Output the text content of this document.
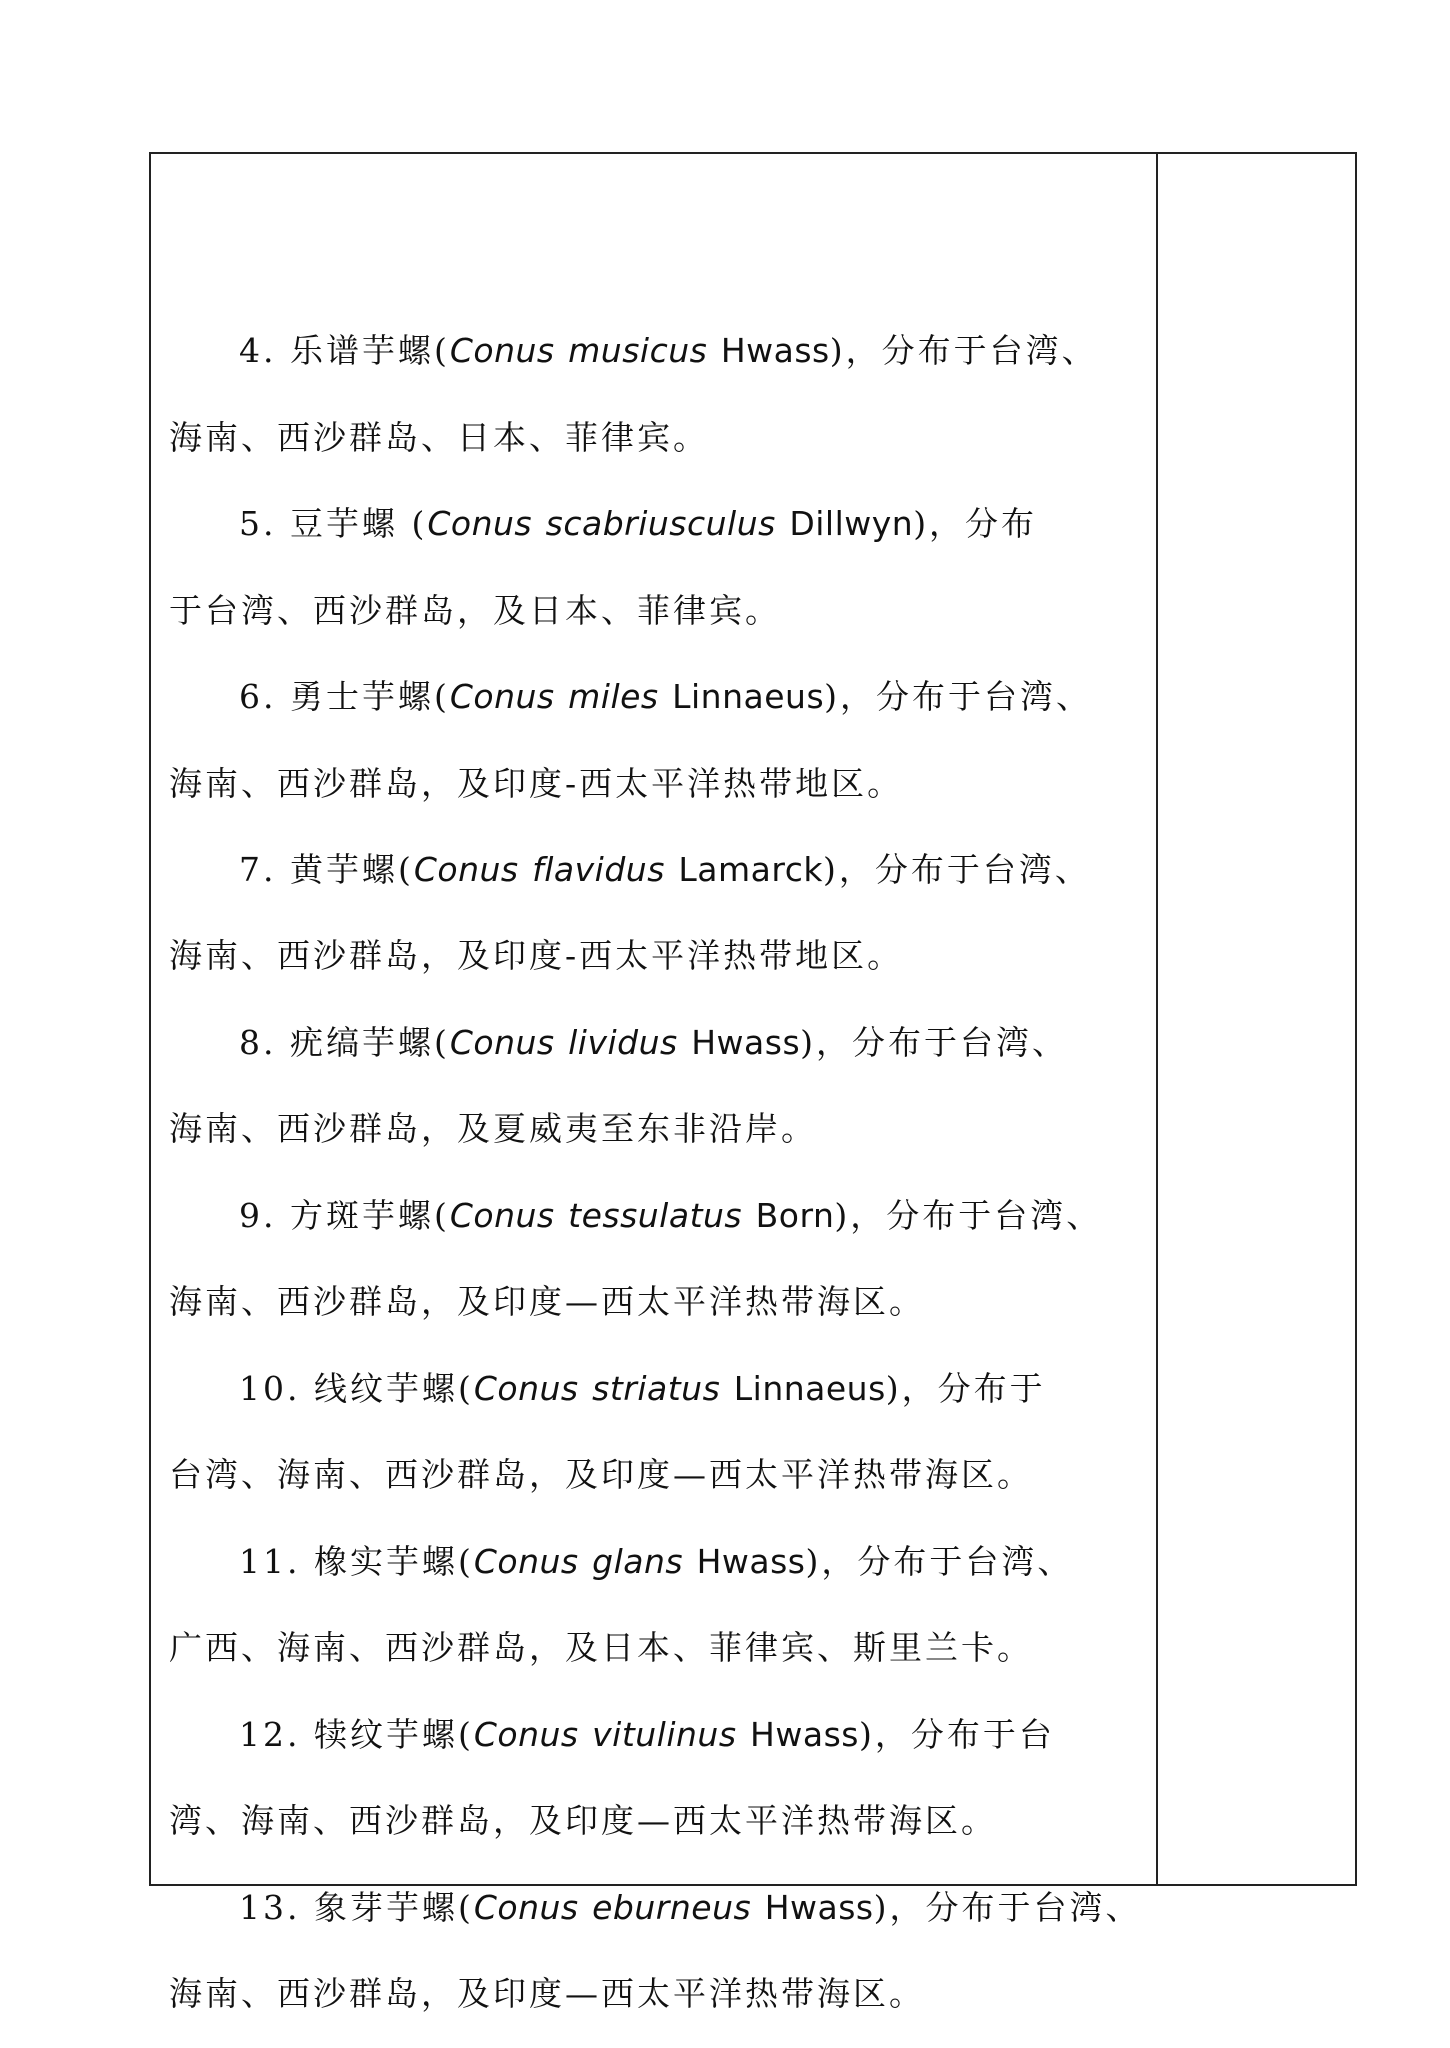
4. 乐谱芋螺(Conus musicus Hwass)，分布于台湾、
海南、西沙群岛、日本、菲律宾。
5. 豆芋螺 (Conus scabriusculus Dillwyn)，分布
于台湾、西沙群岛，及日本、菲律宾。
6. 勇士芋螺(Conus miles Linnaeus)，分布于台湾、
海南、西沙群岛，及印度-西太平洋热带地区。
7. 黄芋螺(Conus flavidus Lamarck)，分布于台湾、
海南、西沙群岛，及印度-西太平洋热带地区。
8. 疣缟芋螺(Conus lividus Hwass)，分布于台湾、
海南、西沙群岛，及夏威夷至东非沿岸。
9. 方斑芋螺(Conus tessulatus Born)，分布于台湾、
海南、西沙群岛，及印度—西太平洋热带海区。
10. 线纹芋螺(Conus striatus Linnaeus)，分布于
台湾、海南、西沙群岛，及印度—西太平洋热带海区。
11. 橡实芋螺(Conus glans Hwass)，分布于台湾、
广西、海南、西沙群岛，及日本、菲律宾、斯里兰卡。
12. 犊纹芋螺(Conus vitulinus Hwass)，分布于台
湾、海南、西沙群岛，及印度—西太平洋热带海区。
13. 象芽芋螺(Conus eburneus Hwass)，分布于台湾、
海南、西沙群岛，及印度—西太平洋热带海区。
